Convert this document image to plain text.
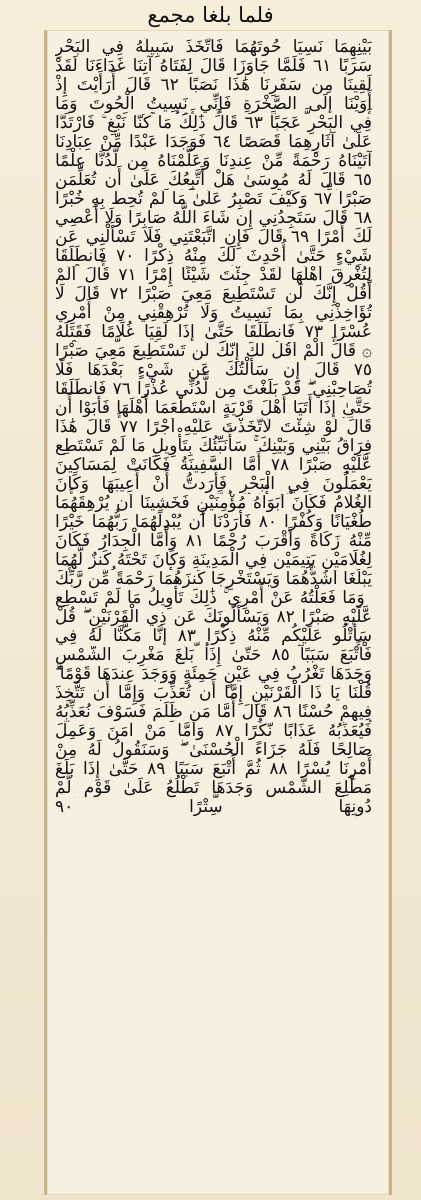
فلما بلغا مجمع
بَيْنِهِمَا نَسِيَا حُوتَهُمَا فَاتَّخَذَ سَبِيلَهُ فِي الْبَحْرِ سَرَبًا ٦١ فَلَمَّا جَاوَزَا قَالَ لِفَتَاهُ آتِنَا غَدَاءَنَا لَقَدْ لَقِينَا مِن سَفَرِنَا هَٰذَا نَصَبًا ٦٢ قَالَ أَرَأَيْتَ إِذْ أَوَيْنَا إِلَى الصَّخْرَةِ فَإِنِّي نَسِيتُ الْحُوتَ وَمَا
فِي الْبَحْرِ عَجَبًا ٦٣ قَالَ ذَٰلِكَ مَا كُنَّا نَبْغِ ۚ فَارْتَدَّا عَلَىٰ آثَارِهِمَا قَصَصًا ٦٤ فَوَجَدَا عَبْدًا مِّنْ عِبَادِنَا آتَيْنَاهُ رَحْمَةً مِّنْ عِندِنَا وَعَلَّمْنَاهُ مِن لَّدُنَّا عِلْمًا ٦٥ قَالَ لَهُ مُوسَىٰ هَلْ أَتَّبِعُكَ عَلَىٰ أَن تُعَلِّمَنِ
صَبْرًا ٦٧ وَكَيْفَ تَصْبِرُ عَلَىٰ مَا لَمْ تُحِطْ بِهِ خُبْرًا ٦٨ قَالَ سَتَجِدُنِي إِن شَاءَ اللَّهُ صَابِرًا وَلَا أَعْصِي لَكَ أَمْرًا ٦٩ قَالَ فَإِنِ اتَّبَعْتَنِي فَلَا تَسْأَلْنِي عَن شَيْءٍ حَتَّىٰ أُحْدِثَ لَكَ مِنْهُ ذِكْرًا ٧٠ فَانطَلَقَا
لِتُغْرِقَ أَهْلَهَا لَقَدْ جِئْتَ شَيْئًا إِمْرًا ٧١ قَالَ أَلَمْ أَقُلْ إِنَّكَ لَن تَسْتَطِيعَ مَعِيَ صَبْرًا ٧٢ قَالَ لَا تُؤَاخِذْنِي بِمَا نَسِيتُ وَلَا تُرْهِقْنِي مِنْ أَمْرِي عُسْرًا ٧٣ فَانطَلَقَا حَتَّىٰ إِذَا لَقِيَا غُلَامًا فَقَتَلَهُ
۞ قَالَ أَلَمْ أَقُل لَّكَ إِنَّكَ لَن تَسْتَطِيعَ مَعِيَ صَبْرًا ٧٥ قَالَ إِن سَأَلْتُكَ عَن شَيْءٍ بَعْدَهَا فَلَا تُصَاحِبْنِي ۖ قَدْ بَلَغْتَ مِن لَّدُنِّي عُذْرًا ٧٦ فَانطَلَقَا حَتَّىٰ إِذَا أَتَيَا أَهْلَ قَرْيَةٍ اسْتَطْعَمَا أَهْلَهَا فَأَبَوْا أَن
قَالَ لَوْ شِئْتَ لَاتَّخَذْتَ عَلَيْهِ أَجْرًا ٧٧ قَالَ هَٰذَا فِرَاقُ بَيْنِي وَبَيْنِكَ ۚ سَأُنَبِّئُكَ بِتَأْوِيلِ مَا لَمْ تَسْتَطِع عَّلَيْهِ صَبْرًا ٧٨ أَمَّا السَّفِينَةُ فَكَانَتْ لِمَسَاكِينَ يَعْمَلُونَ فِي الْبَحْرِ فَأَرَدتُّ أَنْ أَعِيبَهَا وَكَانَ
الْغُلَامُ فَكَانَ أَبَوَاهُ مُؤْمِنَيْنِ فَخَشِينَا أَن يُرْهِقَهُمَا طُغْيَانًا وَكُفْرًا ٨٠ فَأَرَدْنَا أَن يُبْدِلَهُمَا رَبُّهُمَا خَيْرًا مِّنْهُ زَكَاةً وَأَقْرَبَ رُحْمًا ٨١ وَأَمَّا الْجِدَارُ فَكَانَ لِغُلَامَيْنِ يَتِيمَيْنِ فِي الْمَدِينَةِ وَكَانَ تَحْتَهُ كَنزٌ لَّهُمَا
يَبْلُغَا أَشُدَّهُمَا وَيَسْتَخْرِجَا كَنزَهُمَا رَحْمَةً مِّن رَّبِّكَ ۚ وَمَا فَعَلْتُهُ عَنْ أَمْرِي ۚ ذَٰلِكَ تَأْوِيلُ مَا لَمْ تَسْطِع عَّلَيْهِ صَبْرًا ٨٢ وَيَسْأَلُونَكَ عَن ذِي الْقَرْنَيْنِ ۖ قُلْ سَأَتْلُو عَلَيْكُم مِّنْهُ ذِكْرًا ٨٣ إِنَّا مَكَّنَّا لَهُ فِي
فَأَتْبَعَ سَبَبًا ٨٥ حَتَّىٰ إِذَا بَلَغَ مَغْرِبَ الشَّمْسِ وَجَدَهَا تَغْرُبُ فِي عَيْنٍ حَمِئَةٍ وَوَجَدَ عِندَهَا قَوْمًا ۗ قُلْنَا يَا ذَا الْقَرْنَيْنِ إِمَّا أَن تُعَذِّبَ وَإِمَّا أَن تَتَّخِذَ فِيهِمْ حُسْنًا ٨٦ قَالَ أَمَّا مَن ظَلَمَ فَسَوْفَ نُعَذِّبُهُ
فَيُعَذِّبُهُ عَذَابًا نُّكْرًا ٨٧ وَأَمَّا مَنْ آمَنَ وَعَمِلَ صَالِحًا فَلَهُ جَزَاءً الْحُسْنَىٰ ۖ وَسَنَقُولُ لَهُ مِنْ أَمْرِنَا يُسْرًا ٨٨ ثُمَّ أَتْبَعَ سَبَبًا ٨٩ حَتَّىٰ إِذَا بَلَغَ مَطْلِعَ الشَّمْسِ وَجَدَهَا تَطْلُعُ عَلَىٰ قَوْمٍ لَّمْ
دُونِهَا سِتْرًا ٩٠
